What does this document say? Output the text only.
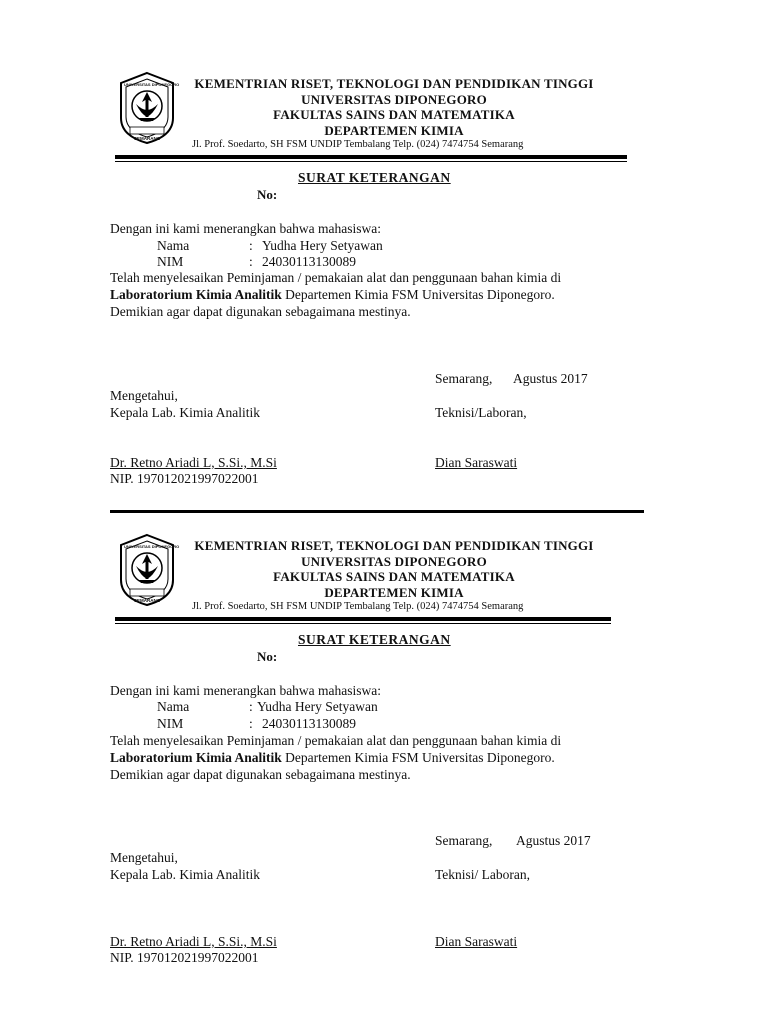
UNIVERSITAS DIPONEGORO
SEMARANG
KEMENTRIAN RISET, TEKNOLOGI DAN PENDIDIKAN TINGGI
UNIVERSITAS DIPONEGORO
FAKULTAS SAINS DAN MATEMATIKA
DEPARTEMEN KIMIA
Jl. Prof. Soedarto, SH FSM UNDIP Tembalang Telp. (024) 7474754 Semarang
SURAT KETERANGAN
No:
Dengan ini kami menerangkan bahwa mahasiswa:
Nama	: Yudha Hery Setyawan
NIM	: 24030113130089
Telah menyelesaikan Peminjaman / pemakaian alat dan penggunaan bahan kimia di
Laboratorium Kimia Analitik Departemen Kimia FSM Universitas Diponegoro.
Demikian agar dapat digunakan sebagaimana mestinya.
Semarang, Agustus 2017
Mengetahui,
Kepala Lab. Kimia Analitik	Teknisi/Laboran,
Dr. Retno Ariadi L, S.Si., M.Si	Dian Saraswati
NIP. 197012021997022001
UNIVERSITAS DIPONEGORO
SEMARANG
KEMENTRIAN RISET, TEKNOLOGI DAN PENDIDIKAN TINGGI
UNIVERSITAS DIPONEGORO
FAKULTAS SAINS DAN MATEMATIKA
DEPARTEMEN KIMIA
Jl. Prof. Soedarto, SH FSM UNDIP Tembalang Telp. (024) 7474754 Semarang
SURAT KETERANGAN
No:
Dengan ini kami menerangkan bahwa mahasiswa:
Nama	: Yudha Hery Setyawan
NIM	: 24030113130089
Telah menyelesaikan Peminjaman / pemakaian alat dan penggunaan bahan kimia di
Laboratorium Kimia Analitik Departemen Kimia FSM Universitas Diponegoro.
Demikian agar dapat digunakan sebagaimana mestinya.
Semarang, Agustus 2017
Mengetahui,
Kepala Lab. Kimia Analitik	Teknisi/ Laboran,
Dr. Retno Ariadi L, S.Si., M.Si	Dian Saraswati
NIP. 197012021997022001
